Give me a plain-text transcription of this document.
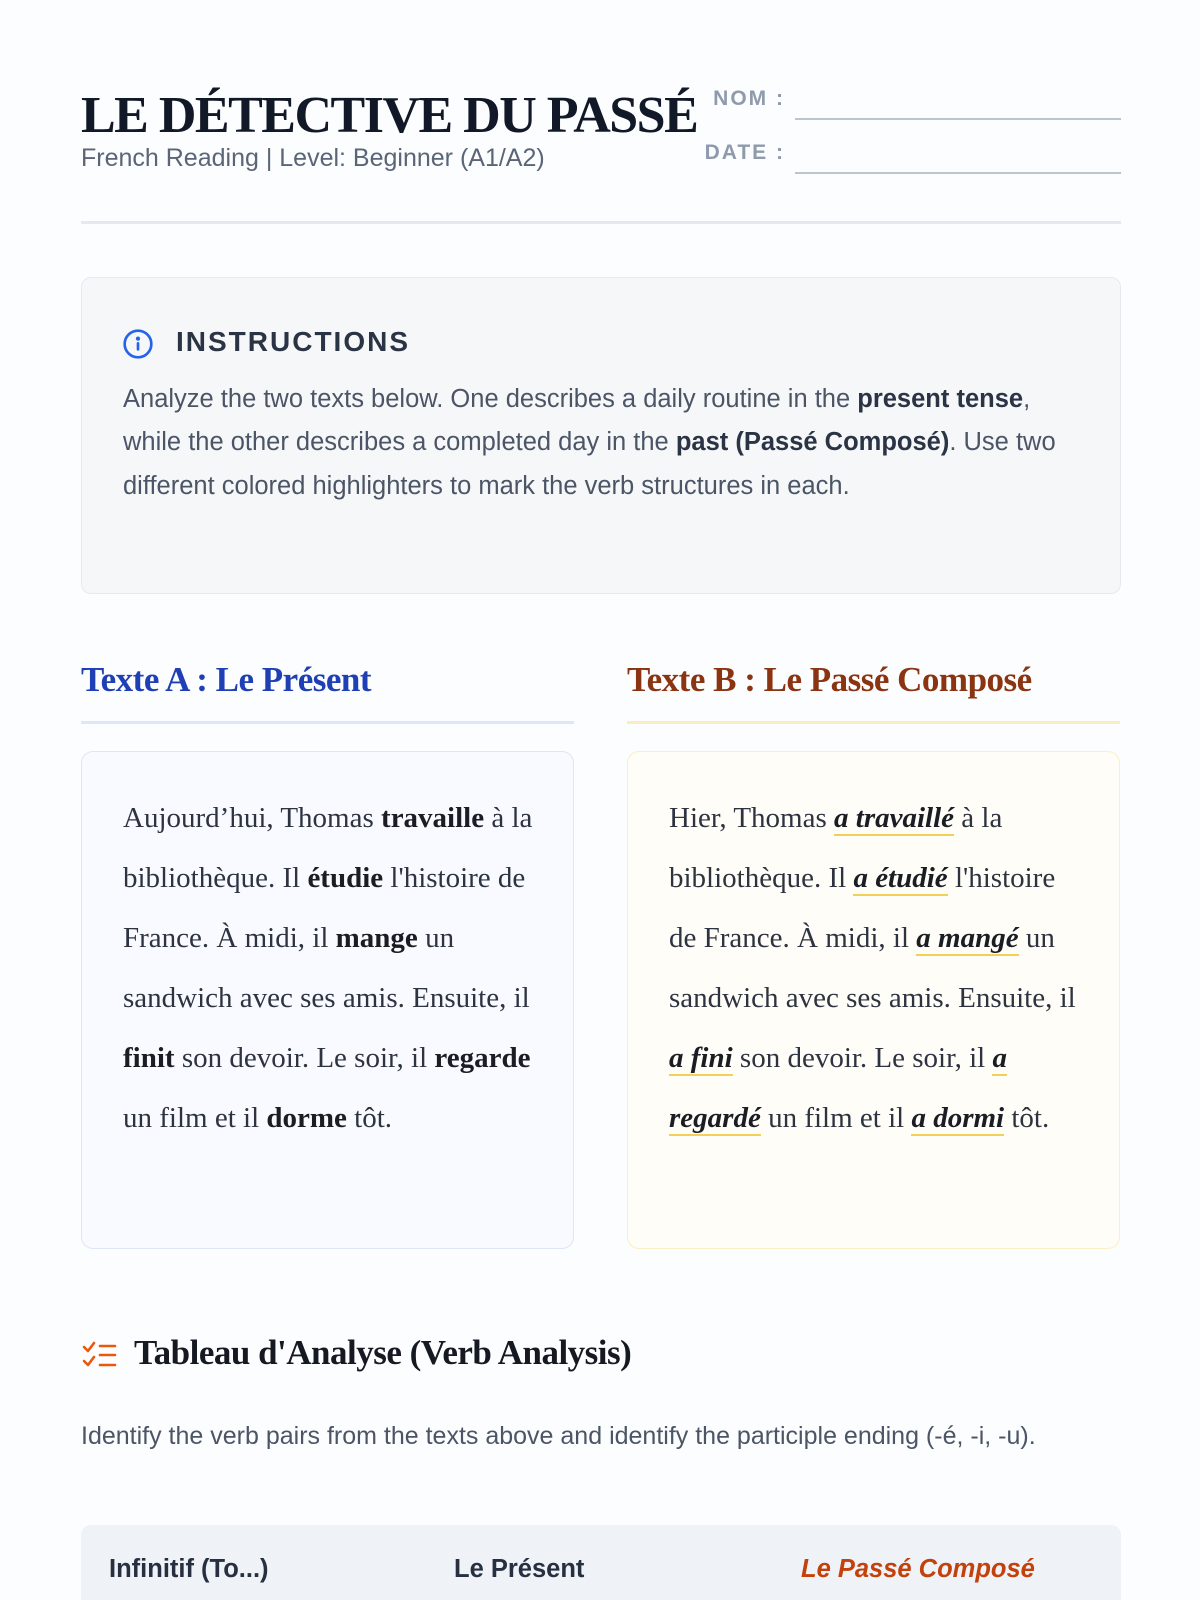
LE DÉTECTIVE DU PASSÉ
French Reading | Level: Beginner (A1/A2)
NOM :
DATE :
INSTRUCTIONS

Analyze the two texts below. One describes a daily routine in the present tense, while the other describes a completed day in the past (Passé Composé). Use two different colored highlighters to mark the verb structures in each.

Texte A : Le Présent	Texte B : Le Passé Composé
Aujourd’hui, Thomas travaille à la bibliothèque. Il étudie l'histoire de France. À midi, il mange un sandwich avec ses amis. Ensuite, il finit son devoir. Le soir, il regarde un film et il dorme tôt.
Hier, Thomas a travaillé à la bibliothèque. Il a étudié l'histoire de France. À midi, il a mangé un sandwich avec ses amis. Ensuite, il a fini son devoir. Le soir, il a regardé un film et il a dormi tôt.
Tableau d'Analyse (Verb Analysis)

Identify the verb pairs from the texts above and identify the participle ending (-é, -i, -u).

Infinitif (To...)	Le Présent	Le Passé Composé
